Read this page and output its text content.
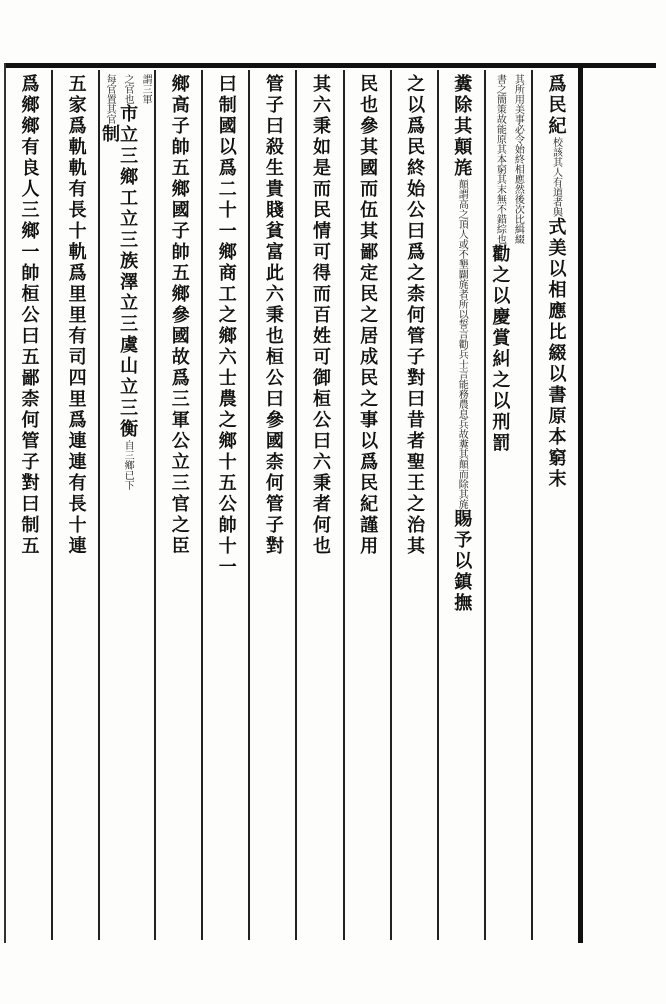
爲民紀校該其人有道者與式美以相應比綴以書原本窮末
其所用美事必令始終相應然後次比緝綴
書之簡策故能原其本窮其末無不錯綜也勸之以慶賞糾之以刑罰
糞除其顛旄顛謂高之頂人或不墾闢旄者所以誓言勸兵士言能務農息兵故糞其顛而除其旄賜予以鎮撫
之以爲民終始公曰爲之柰何管子對曰昔者聖王之治其
民也參其國而伍其鄙定民之居成民之事以爲民紀謹用
其六秉如是而民情可得而百姓可御桓公曰六秉者何也
管子曰殺生貴賤貧富此六秉也桓公曰參國柰何管子對
曰制國以爲二十一鄉商工之鄉六士農之鄉十五公帥十一
鄉高子帥五鄉國子帥五鄉參國故爲三軍公立三官之臣
謂三軍
之官也市立三鄉工立三族澤立三虞山立三衡自三鄉已下
每官置其官制
五家爲軌軌有長十軌爲里里有司四里爲連連有長十連
爲鄉鄉有良人三鄉一帥桓公曰五鄙柰何管子對曰制五
